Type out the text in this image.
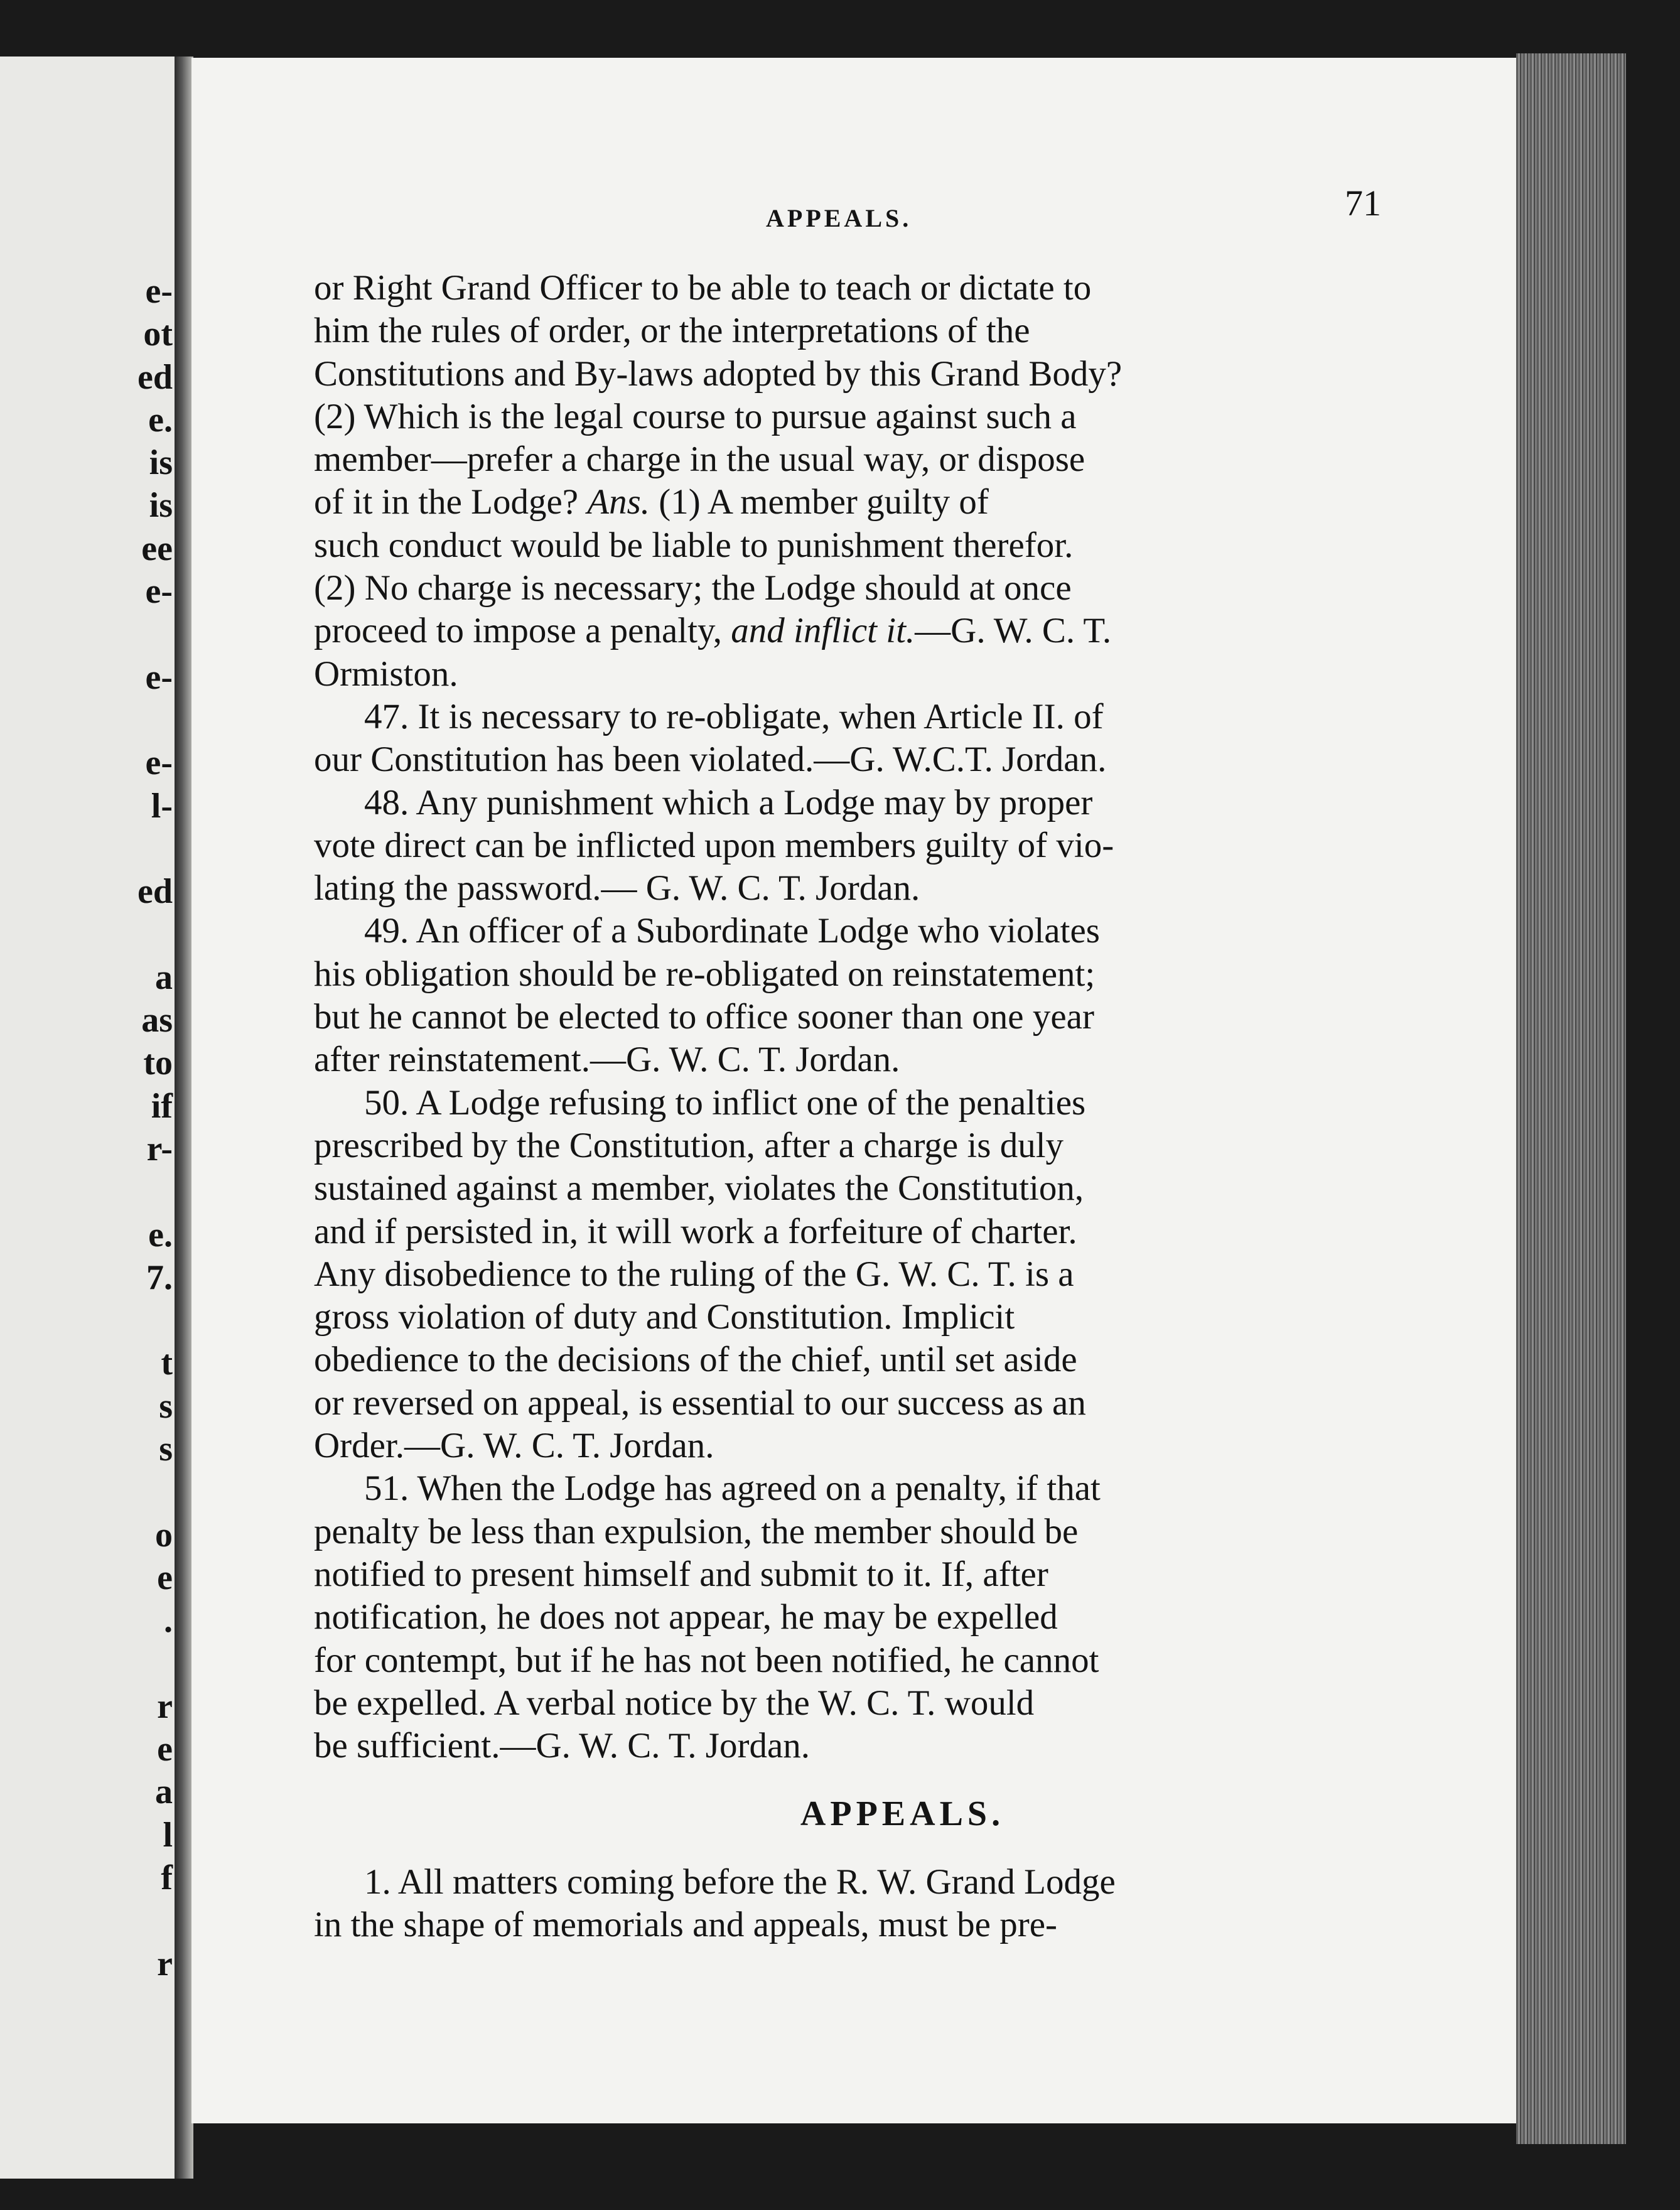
e-
ot
ed
e.
is
is
ee
e-
e-
e-
l-
ed
a
as
to
if
r-
e.
7.
t
s
s
o
e
.
r
e
a
l
f
r
APPEALS.	71
or Right Grand Officer to be able to teach or dictate to
him the rules of order, or the interpretations of the
Constitutions and By-laws adopted by this Grand Body?
(2) Which is the legal course to pursue against such a
member—prefer a charge in the usual way, or dispose
of it in the Lodge? Ans. (1) A member guilty of
such conduct would be liable to punishment therefor.
(2) No charge is necessary; the Lodge should at once
proceed to impose a penalty, and inflict it.—G. W. C. T.
Ormiston.
47. It is necessary to re-obligate, when Article II. of
our Constitution has been violated.—G. W.C.T. Jordan.
48. Any punishment which a Lodge may by proper
vote direct can be inflicted upon members guilty of vio-
lating the password.— G. W. C. T. Jordan.
49. An officer of a Subordinate Lodge who violates
his obligation should be re-obligated on reinstatement;
but he cannot be elected to office sooner than one year
after reinstatement.—G. W. C. T. Jordan.
50. A Lodge refusing to inflict one of the penalties
prescribed by the Constitution, after a charge is duly
sustained against a member, violates the Constitution,
and if persisted in, it will work a forfeiture of charter.
Any disobedience to the ruling of the G. W. C. T. is a
gross violation of duty and Constitution. Implicit
obedience to the decisions of the chief, until set aside
or reversed on appeal, is essential to our success as an
Order.—G. W. C. T. Jordan.
51. When the Lodge has agreed on a penalty, if that
penalty be less than expulsion, the member should be
notified to present himself and submit to it. If, after
notification, he does not appear, he may be expelled
for contempt, but if he has not been notified, he cannot
be expelled. A verbal notice by the W. C. T. would
be sufficient.—G. W. C. T. Jordan.
APPEALS.
1. All matters coming before the R. W. Grand Lodge
in the shape of memorials and appeals, must be pre-
